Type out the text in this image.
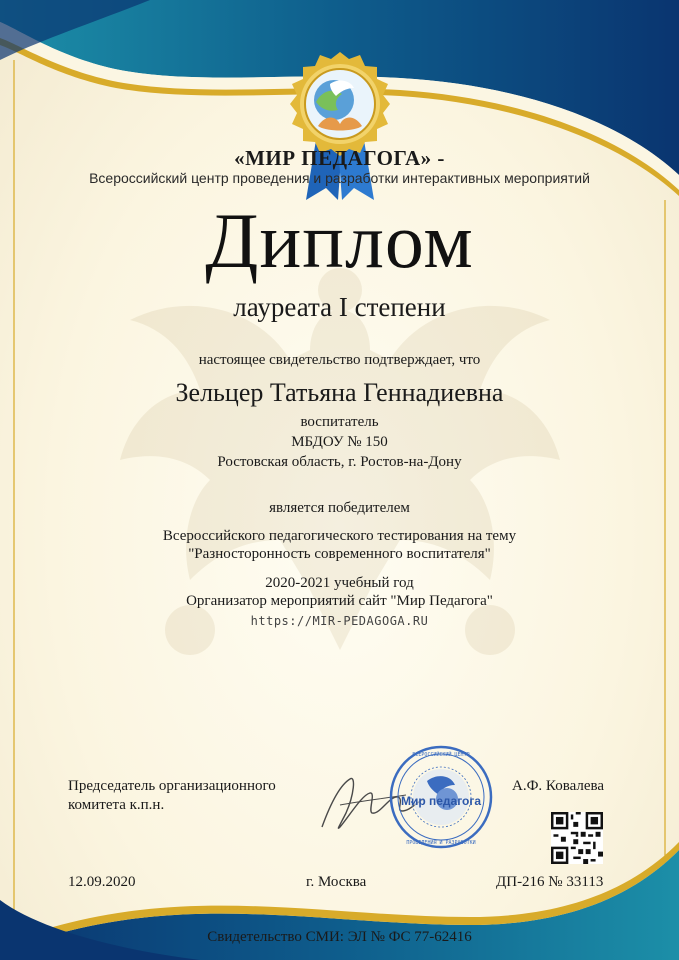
«МИР ПЕДАГОГА» -
Всероссийский центр проведения и разработки интерактивных мероприятий
Диплом
лауреата I степени
настоящее свидетельство подтверждает, что
Зельцер Татьяна Геннадиевна
воспитатель
МБДОУ № 150
Ростовская область, г. Ростов-на-Дону
является победителем
Всероссийского педагогического тестирования на тему
"Разносторонность современного воспитателя"
2020-2021 учебный год
Организатор мероприятий сайт "Мир Педагога"
https://MIR-PEDAGOGA.RU
Председатель организационного
комитета к.п.н.
А.Ф. Ковалева
ВСЕРОССИЙСКИЙ ЦЕНТР
ПРОВЕДЕНИЯ И РАЗРАБОТКИ
Мир педагога
12.09.2020	г. Москва	ДП-216 № 33113
Свидетельство СМИ: ЭЛ № ФС 77-62416
